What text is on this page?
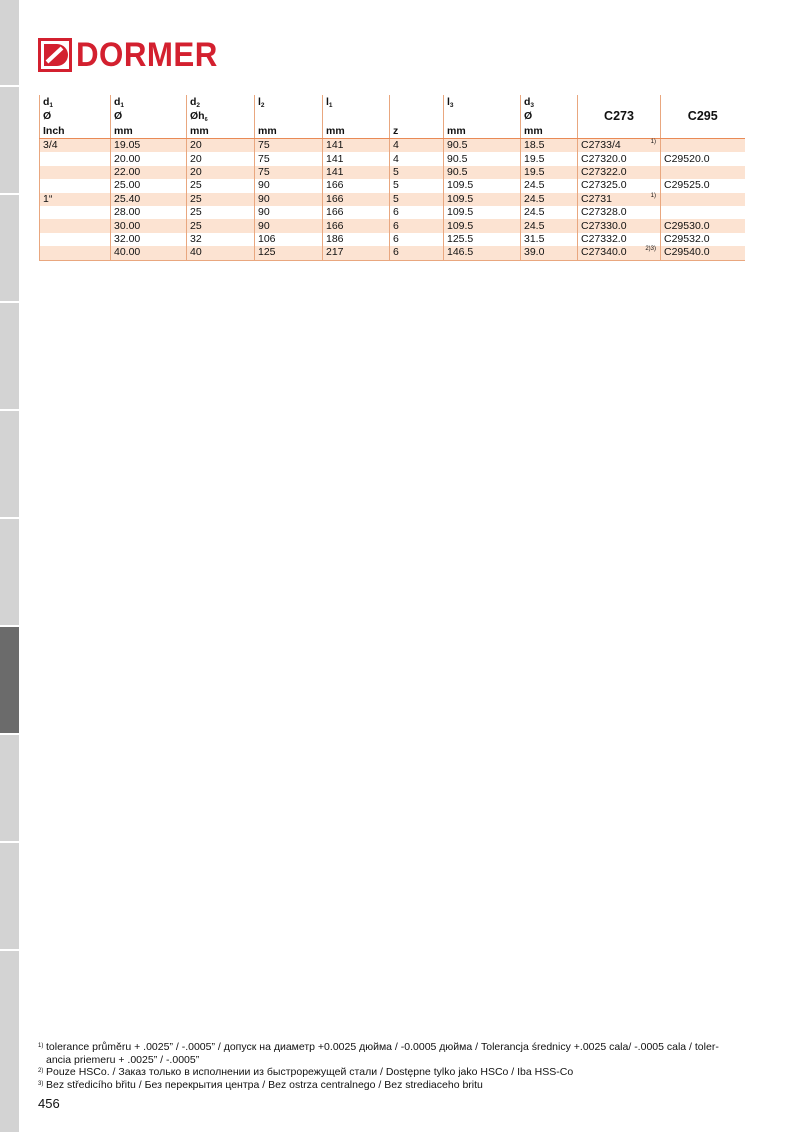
DORMER
$d_1$	$d_1$	$d_2$	$l_2$	$l_1$		$l_3$	$d_3$	C273	C295
Ø	Ø	Øh6					Ø		
Inch	mm	mm	mm	mm	z	mm	mm		
3/4	19.05	20	75	141	4	90.5	18.5	C2733/4 1)	

	20.00	20	75	141	4	90.5	19.5	C27320.0	C29520.0
	22.00	20	75	141	5	90.5	19.5	C27322.0

	25.00	25	90	166	5	109.5	24.5	C27325.0	C29525.0
1“	25.40	25	90	166	5	109.5	24.5	C2731 1)	

	28.00	25	90	166	6	109.5	24.5	C27328.0

	30.00	25	90	166	6	109.5	24.5	C27330.0	C29530.0
	32.00	32	106	186	6	125.5	31.5	C27332.0	C29532.0
	40.00	40	125	217	6	146.5	39.0	C27340.0 2)3)	C29540.0
1) tolerance průměru + .0025” / -.0005” / допуск на диаметр +0.0025 дюйма / -0.0005 дюйма / Tolerancja średnicy +.0025 cala/ -.0005 cala / toler-ancia priemeru + .0025” / -.0005”
2) Pouze HSCo. / Заказ только в исполнении из быстрорежущей стали / Dostępne tylko jako HSCo / Iba HSS-Co
3) Bez středicího břitu / Без перекрытия центра / Bez ostrza centralnego / Bez strediaceho britu
456
